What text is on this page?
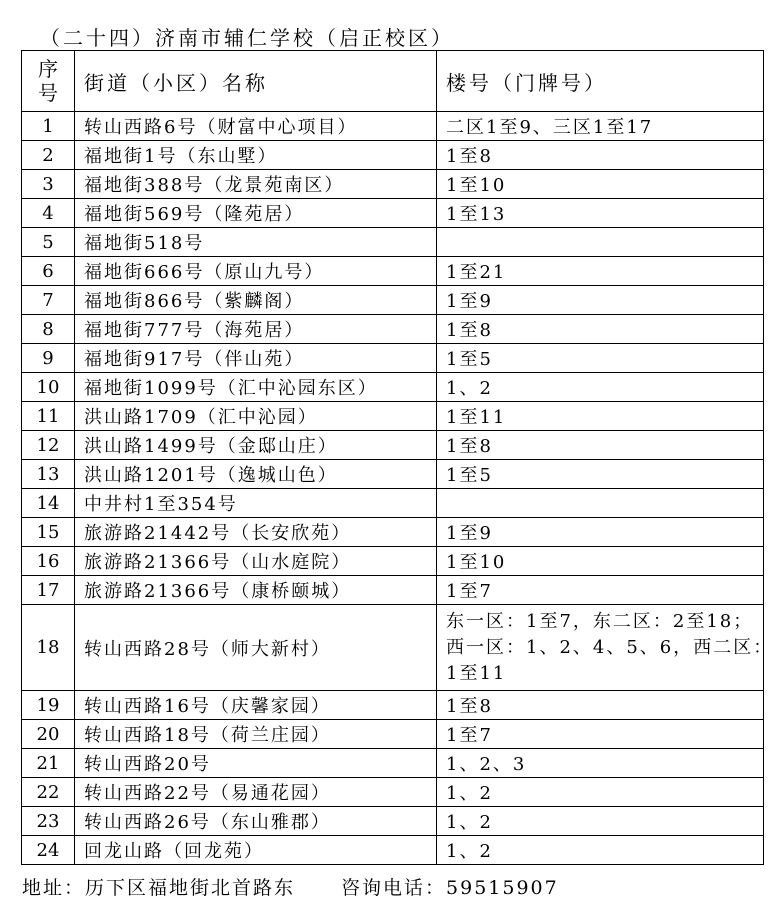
（二十四）济南市辅仁学校（启正校区）
序
号	街道（小区）名称	楼号（门牌号）
1	转山西路6号（财富中心项目）	二区1至9、三区1至17
2	福地街1号（东山墅）	1至8
3	福地街388号（龙景苑南区）	1至10
4	福地街569号（隆苑居）	1至13
5	福地街518号	
6	福地街666号（原山九号）	1至21
7	福地街866号（紫麟阁）	1至9
8	福地街777号（海苑居）	1至8
9	福地街917号（伴山苑）	1至5
10	福地街1099号（汇中沁园东区）	1、2
11	洪山路1709（汇中沁园）	1至11
12	洪山路1499号（金邸山庄）	1至8
13	洪山路1201号（逸城山色）	1至5
14	中井村1至354号	
15	旅游路21442号（长安欣苑）	1至9
16	旅游路21366号（山水庭院）	1至10
17	旅游路21366号（康桥颐城）	1至7
18	转山西路28号（师大新村）	东一区：1至7，东二区：2至18；
西一区：1、2、4、5、6，西二区：
1至11

19	转山西路16号（庆馨家园）	1至8
20	转山西路18号（荷兰庄园）	1至7
21	转山西路20号	1、2、3
22	转山西路22号（易通花园）	1、2
23	转山西路26号（东山雅郡）	1、2
24	回龙山路（回龙苑）	1、2
地址：历下区福地街北首路东 咨询电话：59515907
